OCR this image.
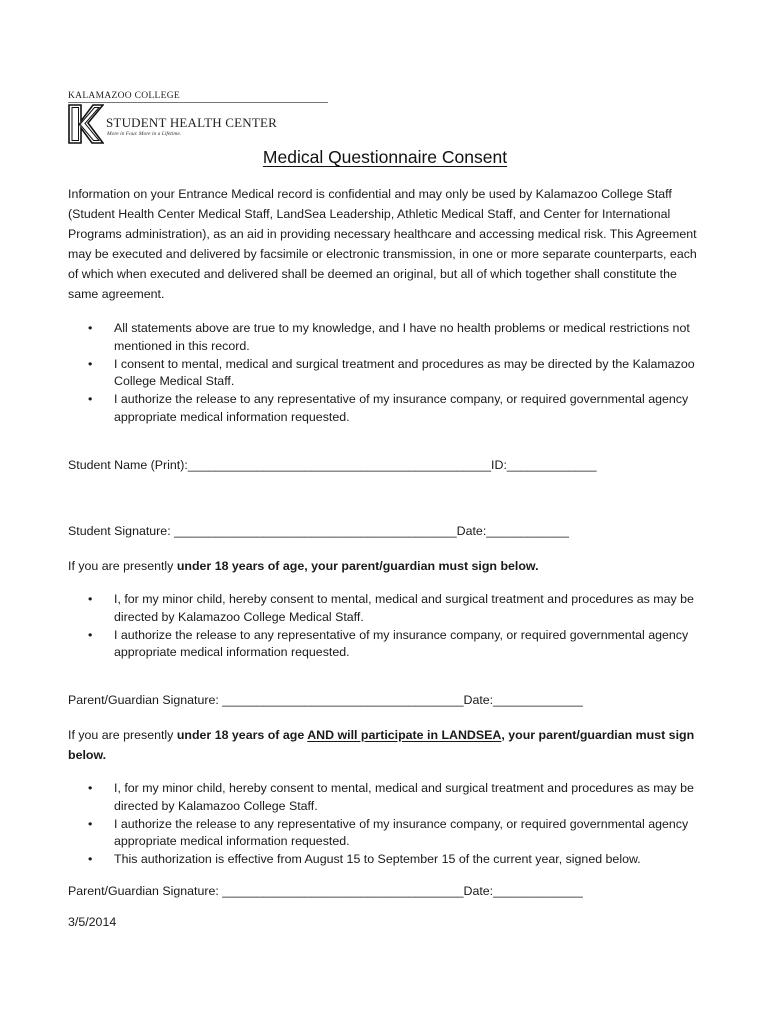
KALAMAZOO COLLEGE
STUDENT HEALTH CENTER
More in Four. More in a Lifetime.
Medical Questionnaire Consent
Information on your Entrance Medical record is confidential and may only be used by Kalamazoo College Staff (Student Health Center Medical Staff, LandSea Leadership, Athletic Medical Staff, and Center for International Programs administration), as an aid in providing necessary healthcare and accessing medical risk. This Agreement may be executed and delivered by facsimile or electronic transmission, in one or more separate counterparts, each of which when executed and delivered shall be deemed an original, but all of which together shall constitute the same agreement.
• All statements above are true to my knowledge, and I have no health problems or medical restrictions not mentioned in this record.
• I consent to mental, medical and surgical treatment and procedures as may be directed by the Kalamazoo College Medical Staff.
• I authorize the release to any representative of my insurance company, or required governmental agency appropriate medical information requested.
Student Name (Print):____________________________________________ID:_____________
Student Signature: _________________________________________Date:____________
If you are presently under 18 years of age, your parent/guardian must sign below.
• I, for my minor child, hereby consent to mental, medical and surgical treatment and procedures as may be directed by Kalamazoo College Medical Staff.
• I authorize the release to any representative of my insurance company, or required governmental agency appropriate medical information requested.
Parent/Guardian Signature: ___________________________________Date:_____________
If you are presently under 18 years of age AND will participate in LANDSEA, your parent/guardian must sign below.
• I, for my minor child, hereby consent to mental, medical and surgical treatment and procedures as may be directed by Kalamazoo College Staff.
• I authorize the release to any representative of my insurance company, or required governmental agency appropriate medical information requested.
• This authorization is effective from August 15 to September 15 of the current year, signed below.
Parent/Guardian Signature: ___________________________________Date:_____________
3/5/2014
